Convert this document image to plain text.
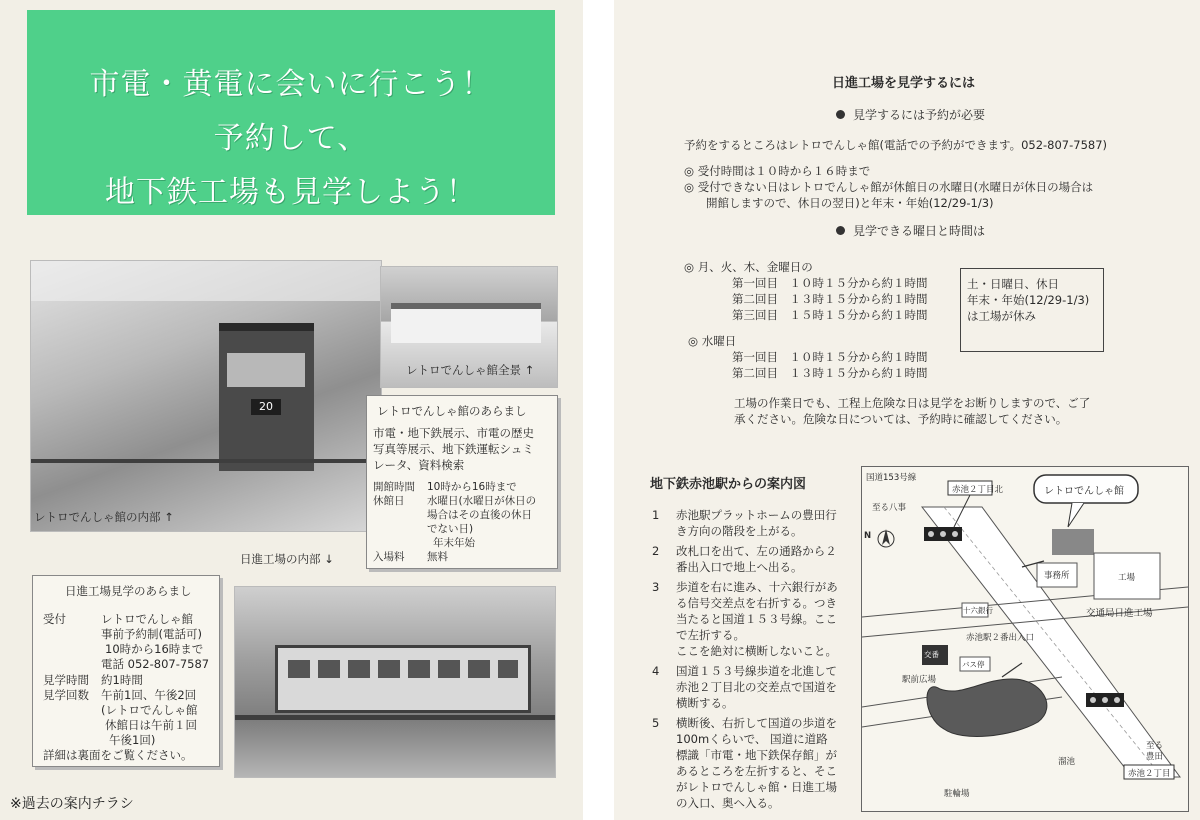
市電・黄電に会いに行こう！
予約して、
地下鉄工場も見学しよう！
20
レトロでんしゃ館全景 ↑
レトロでんしゃ館のあらまし
市電・地下鉄展示、市電の歴史
写真等展示、地下鉄運転シュミ
レータ、資料検索
開館時間 10時から16時まで
休館日 水曜日(水曜日が休日の
場合はその直後の休日
でない日)
年末年始
入場料 無料
レトロでんしゃ館の内部 ↑
日進工場の内部 ↓
日進工場見学のあらまし
受付	レトロでんしゃ館
事前予約制(電話可)
10時から16時まで
電話 052-807-7587
見学時間 約1時間
見学回数 午前1回、午後2回
(レトロでんしゃ館
休館日は午前１回
午後1回)
詳細は裏面をご覧ください。
※過去の案内チラシ
日進工場を見学するには
見学するには予約が必要
予約をするところはレトロでんしゃ館(電話での予約ができます。052-807-7587)
◎ 受付時間は１０時から１６時まで
◎ 受付できない日はレトロでんしゃ館が休館日の水曜日(水曜日が休日の場合は
開館しますので、休日の翌日)と年末・年始(12/29-1/3)
見学できる曜日と時間は
◎ 月、火、木、金曜日の
第一回目　１０時１５分から約１時間
第二回目　１３時１５分から約１時間
第三回目　１５時１５分から約１時間
◎ 水曜日
第一回目　１０時１５分から約１時間
第二回目　１３時１５分から約１時間
土・日曜日、休日
年末・年始(12/29-1/3)
は工場が休み
工場の作業日でも、工程上危険な日は見学をお断りしますので、ご了
承ください。危険な日については、予約時に確認してください。
地下鉄赤池駅からの案内図
1 赤池駅プラットホームの豊田行
き方向の階段を上がる。
2 改札口を出て、左の通路から２
番出入口で地上へ出る。
3 歩道を右に進み、十六銀行があ
る信号交差点を右折する。つき
当たると国道１５３号線。ここ
で左折する。
ここを絶対に横断しないこと。
4 国道１５３号線歩道を北進して
赤池２丁目北の交差点で国道を
横断する。
5 横断後、右折して国道の歩道を
100mくらいで、 国道に道路
標識「市電・地下鉄保存館」が
あるところを左折すると、そこ
がレトロでんしゃ館・日進工場
の入口、奥へ入る。
国道153号線
至る八事
N
赤池２丁目北	レトロでんしゃ館
事務所	工場
交通局日進工場
十六銀行
赤池駅２番出入口
バス停
交番
駅前広場
駐輪場
溜池
至る
豊田
赤池２丁目
